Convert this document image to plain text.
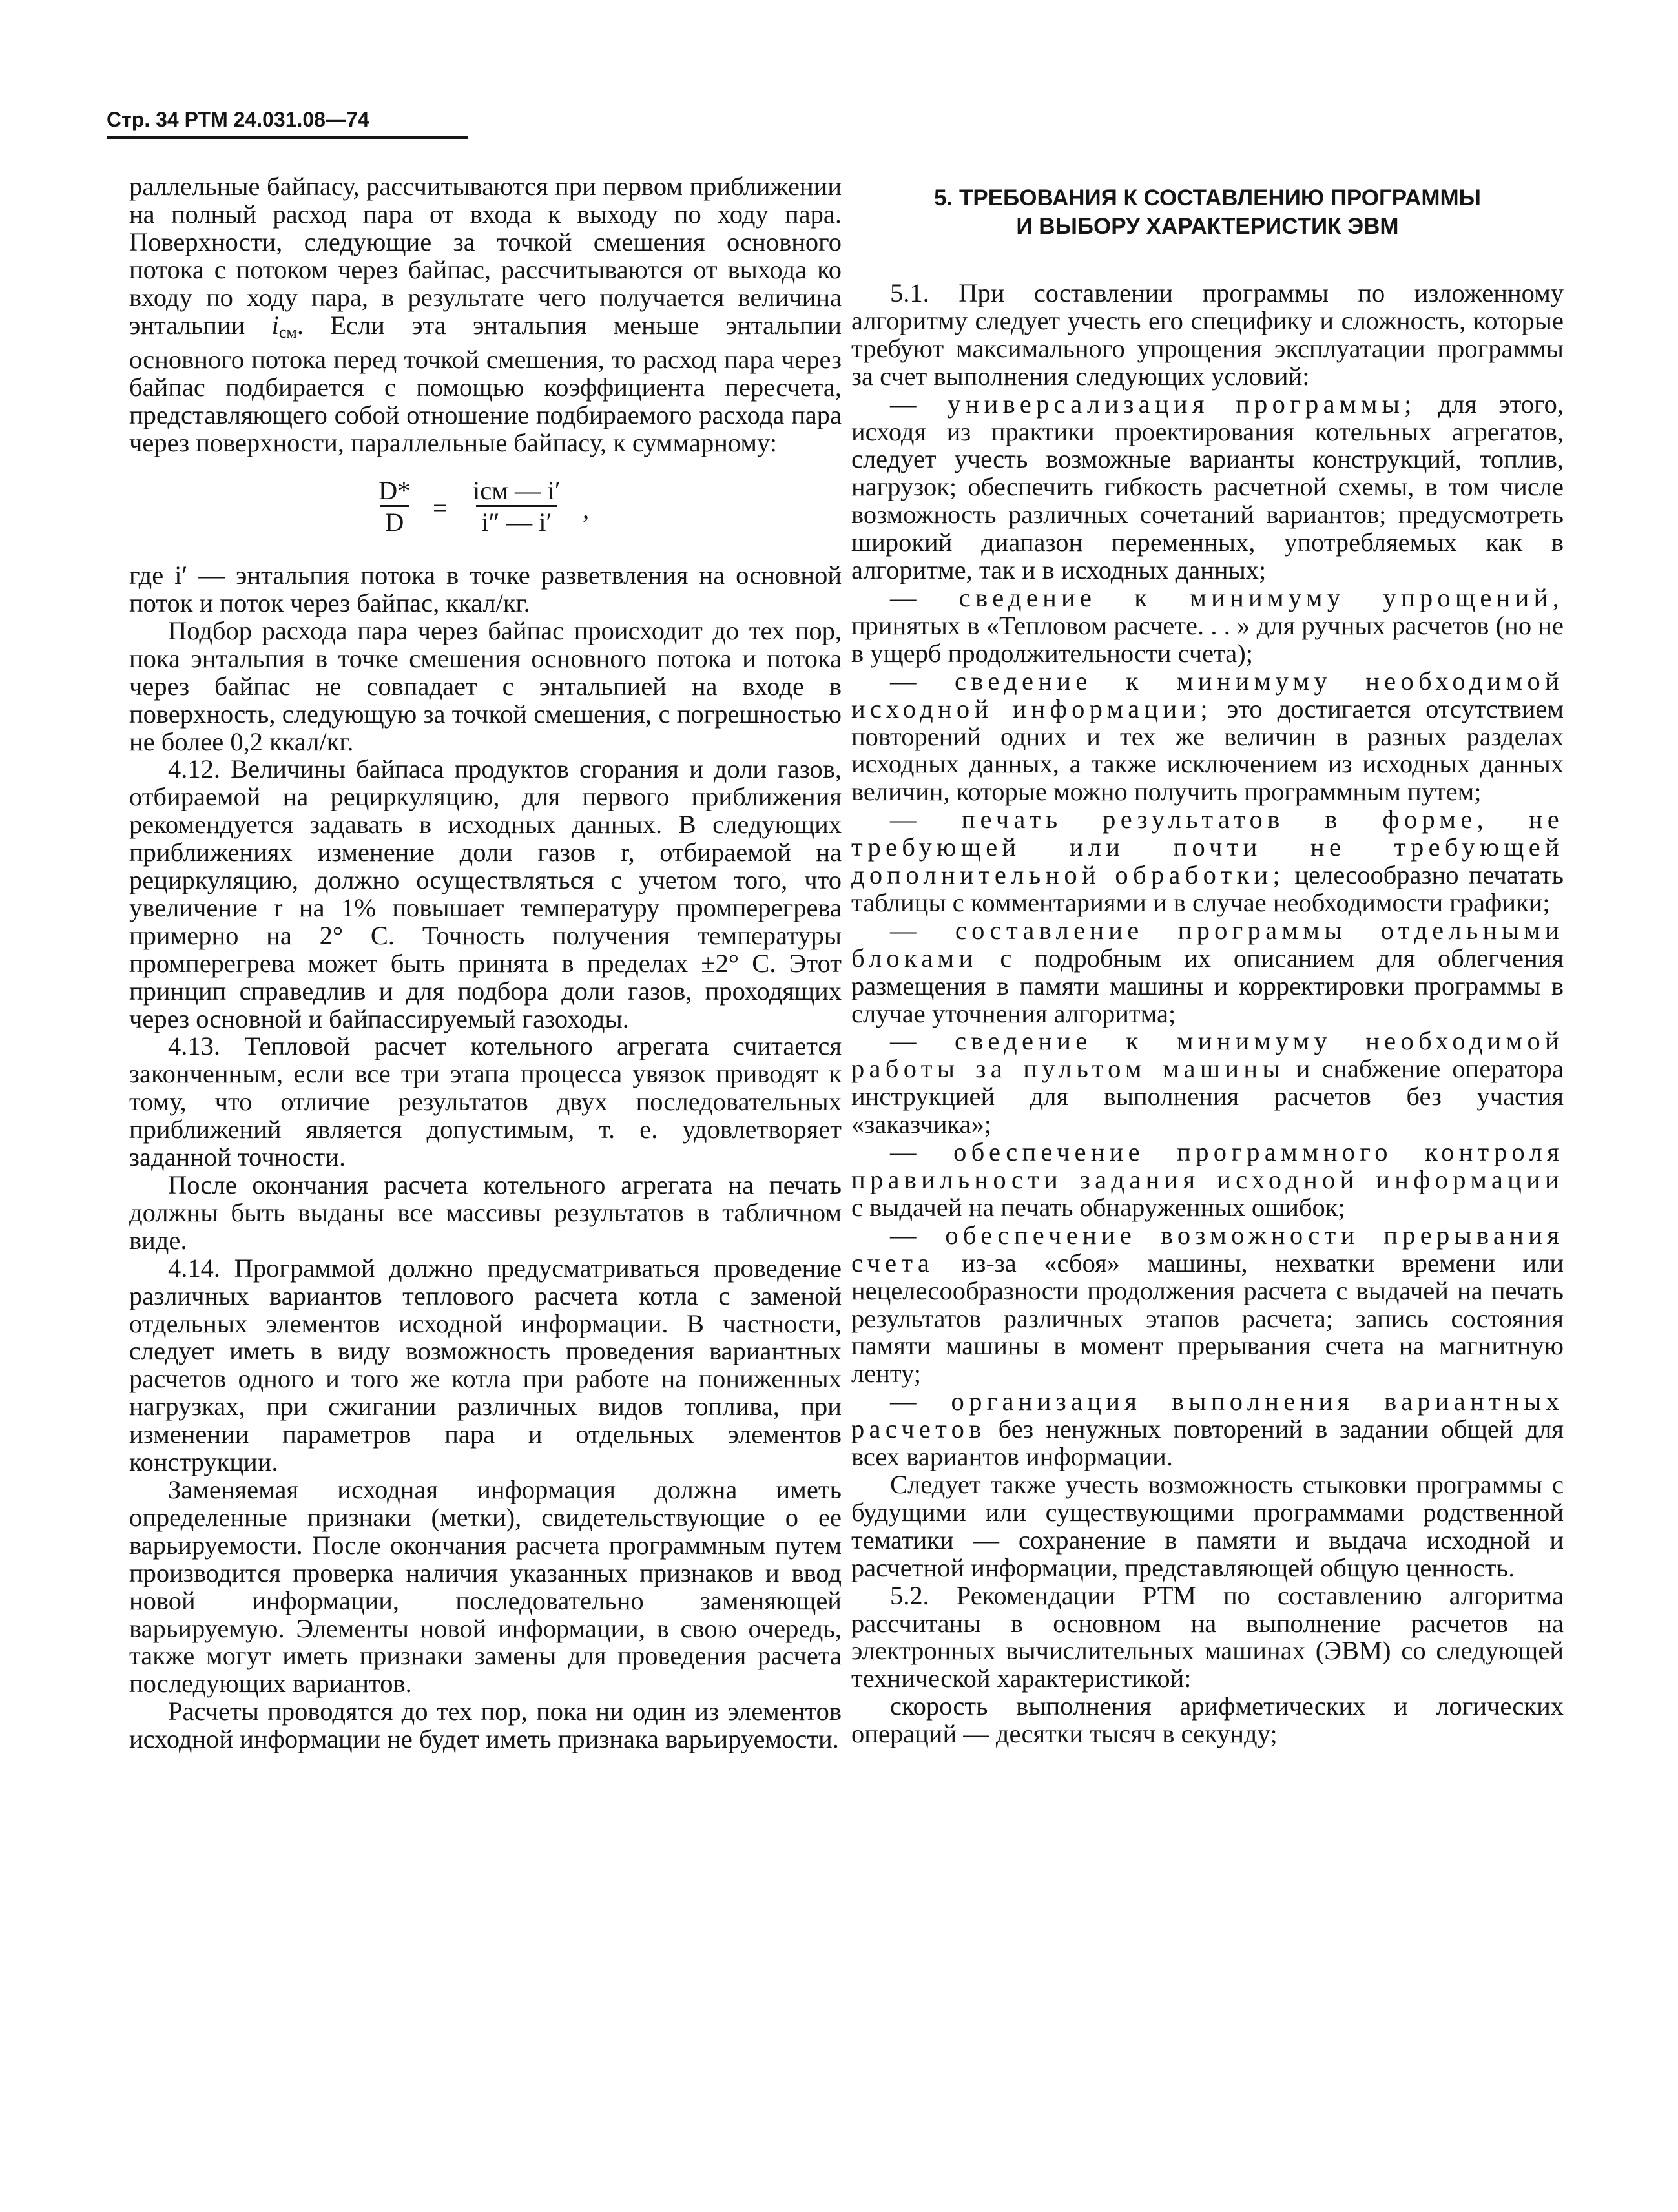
Стр. 34 РТМ 24.031.08—74

раллельные байпасу, рассчитываются при первом приближении на полный расход пара от входа к выходу по ходу пара. Поверхности, следующие за точкой смешения основного потока с потоком через байпас, рассчитываются от выхода ко входу по ходу пара, в результате чего получается величина энтальпии $i_{см}$. Если эта энтальпия меньше энтальпии основного потока перед точкой смешения, то расход пара через байпас подбирается с помощью коэффициента пересчета, представляющего собой отношение подбираемого расхода пара через поверхности, параллельные байпасу, к суммарному:

$\frac{D*}{D}$ =
iсм — i′
i″ — i′ ,

где i′ — энтальпия потока в точке разветвления на основной поток и поток через байпас, ккал/кг.

Подбор расхода пара через байпас происходит до тех пор, пока энтальпия в точке смешения основного потока и потока через байпас не совпадает с энтальпией на входе в поверхность, следующую за точкой смешения, с погрешностью не более 0,2 ккал/кг.

4.12. Величины байпаса продуктов сгорания и доли газов, отбираемой на рециркуляцию, для первого приближения рекомендуется задавать в исходных данных. В следующих приближениях изменение доли газов r, отбираемой на рециркуляцию, должно осуществляться с учетом того, что увеличение r на 1% повышает температуру промперегрева примерно на 2° С. Точность получения температуры промперегрева может быть принята в пределах ±2° С. Этот принцип справедлив и для подбора доли газов, проходящих через основной и байпассируемый газоходы.

4.13. Тепловой расчет котельного агрегата считается законченным, если все три этапа процесса увязок приводят к тому, что отличие результатов двух последовательных приближений является допустимым, т. е. удовлетворяет заданной точности.

После окончания расчета котельного агрегата на печать должны быть выданы все массивы результатов в табличном виде.

4.14. Программой должно предусматриваться проведение различных вариантов теплового расчета котла с заменой отдельных элементов исходной информации. В частности, следует иметь в виду возможность проведения вариантных расчетов одного и того же котла при работе на пониженных нагрузках, при сжигании различных видов топлива, при изменении параметров пара и отдельных элементов конструкции.

Заменяемая исходная информация должна иметь определенные признаки (метки), свидетельствующие о ее варьируемости. После окончания расчета программным путем производится проверка наличия указанных признаков и ввод новой информации, последовательно заменяющей варьируемую. Элементы новой информации, в свою очередь, также могут иметь признаки замены для проведения расчета последующих вариантов.

Расчеты проводятся до тех пор, пока ни один из элементов исходной информации не будет иметь признака варьируемости.

5. ТРЕБОВАНИЯ К СОСТАВЛЕНИЮ ПРОГРАММЫ
И ВЫБОРУ ХАРАКТЕРИСТИК ЭВМ

5.1. При составлении программы по изложенному алгоритму следует учесть его специфику и сложность, которые требуют максимального упрощения эксплуатации программы за счет выполнения следующих условий:

— универсализация программы; для этого, исходя из практики проектирования котельных агрегатов, следует учесть возможные варианты конструкций, топлив, нагрузок; обеспечить гибкость расчетной схемы, в том числе возможность различных сочетаний вариантов; предусмотреть широкий диапазон переменных, употребляемых как в алгоритме, так и в исходных данных;

— сведение к минимуму упрощений, принятых в «Тепловом расчете. . . » для ручных расчетов (но не в ущерб продолжительности счета);

— сведение к минимуму необходимой исходной информации; это достигается отсутствием повторений одних и тех же величин в разных разделах исходных данных, а также исключением из исходных данных величин, которые можно получить программным путем;

— печать результатов в форме, не требующей или почти не требующей дополнительной обработки; целесообразно печатать таблицы с комментариями и в случае необходимости графики;

— составление программы отдельными блоками с подробным их описанием для облегчения размещения в памяти машины и корректировки программы в случае уточнения алгоритма;

— сведение к минимуму необходимой работы за пультом машины и снабжение оператора инструкцией для выполнения расчетов без участия «заказчика»;

— обеспечение программного контроля правильности задания исходной информации с выдачей на печать обнаруженных ошибок;

— обеспечение возможности прерывания счета из-за «сбоя» машины, нехватки времени или нецелесообразности продолжения расчета с выдачей на печать результатов различных этапов расчета; запись состояния памяти машины в момент прерывания счета на магнитную ленту;

— организация выполнения вариантных расчетов без ненужных повторений в задании общей для всех вариантов информации.

Следует также учесть возможность стыковки программы с будущими или существующими программами родственной тематики — сохранение в памяти и выдача исходной и расчетной информации, представляющей общую ценность.

5.2. Рекомендации РТМ по составлению алгоритма рассчитаны в основном на выполнение расчетов на электронных вычислительных машинах (ЭВМ) со следующей технической характеристикой:

скорость выполнения арифметических и логических операций — десятки тысяч в секунду;
